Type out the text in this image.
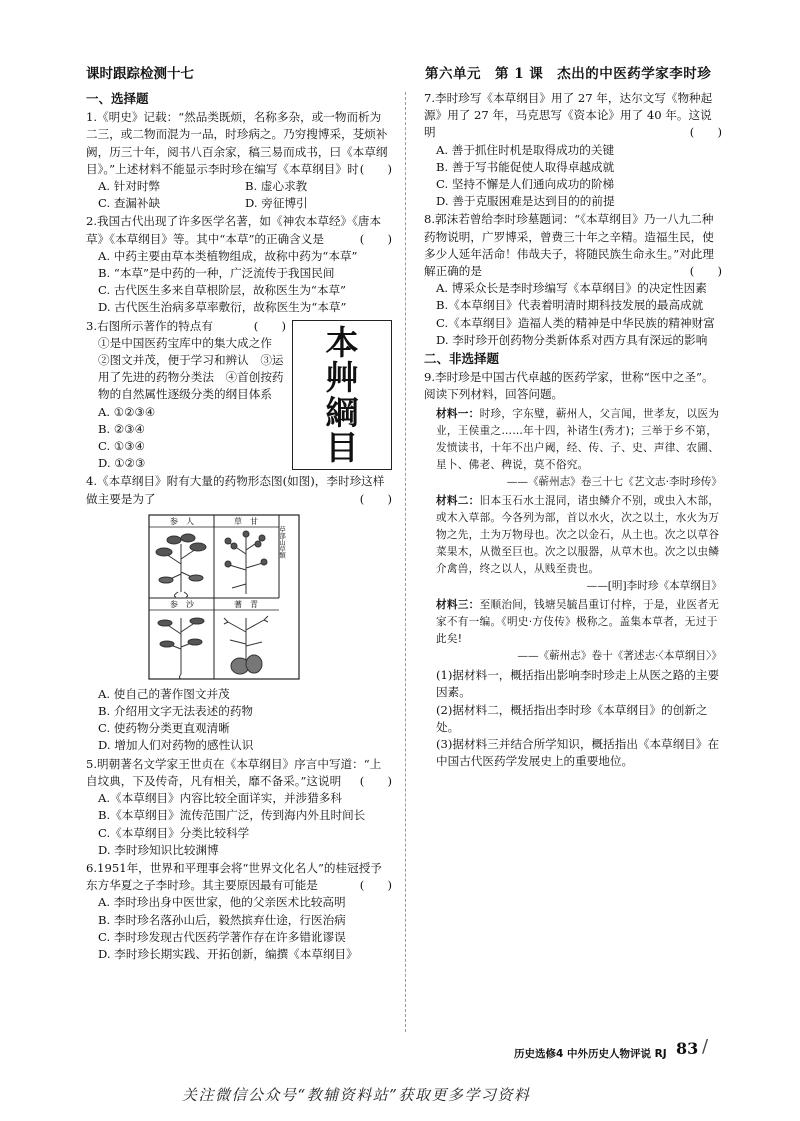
课时跟踪检测十七	第六单元　第 1 课　杰出的中医药学家李时珍
一、选择题

1.《明史》记载：“然品类既烦，名称多杂，或一物而析为二三，或二物而混为一品，时珍病之。乃穷搜博采，芟烦补阙，历三十年，阅书八百余家，稿三易而成书，曰《本草纲目》。”上述材料不能显示李时珍在编写《本草纲目》时 (　　)

A. 针对时弊	B. 虚心求教
C. 查漏补缺	D. 旁征博引

2.我国古代出现了许多医学名著，如《神农本草经》《唐本草》《本草纲目》等。其中“本草”的正确含义是	(　　)

A. 中药主要由草本类植物组成，故称中药为“本草”

B. “本草”是中药的一种，广泛流传于我国民间

C. 古代医生多来自草根阶层，故称医生为“本草”

D. 古代医生治病多草率敷衍，故称医生为“本草”

3.右图所示著作的特点有	(　　)

①是中国医药宝库中的集大成之作　②图文并茂，便于学习和辨认　③运用了先进的药物分类法　④首创按药物的自然属性逐级分类的纲目体系

A. ①②③④

B. ②③④

C. ①③④

D. ①②③

本
艸
綱
目

4.《本草纲目》附有大量的药物形态图(如图)，李时珍这样做主要是为了	(　　)

参　人	草　甘
参　沙	蓍　青
草部山草類

A. 使自己的著作图文并茂

B. 介绍用文字无法表述的药物

C. 使药物分类更直观清晰

D. 增加人们对药物的感性认识

5.明朝著名文学家王世贞在《本草纲目》序言中写道：“上自坟典，下及传奇，凡有相关，靡不备采。”这说明 (　　)

A.《本草纲目》内容比较全面详实，并涉猎多科

B.《本草纲目》流传范围广泛，传到海内外且时间长

C.《本草纲目》分类比较科学

D. 李时珍知识比较渊博

6.1951年，世界和平理事会将“世界文化名人”的桂冠授予东方华夏之子李时珍。其主要原因最有可能是	(　　)

A. 李时珍出身中医世家，他的父亲医术比较高明

B. 李时珍名落孙山后，毅然摈弃仕途，行医治病

C. 李时珍发现古代医药学著作存在许多错讹谬误

D. 李时珍长期实践、开拓创新，编撰《本草纲目》

7.李时珍写《本草纲目》用了 27 年，达尔文写《物种起源》用了 27 年，马克思写《资本论》用了 40 年。这说明	(　　)

A. 善于抓住时机是取得成功的关键

B. 善于写书能促使人取得卓越成就

C. 坚持不懈是人们通向成功的阶梯

D. 善于克服困难是达到目的的前提

8.郭沫若曾给李时珍墓题词：“《本草纲目》乃一八九二种药物说明，广罗博采，曾费三十年之辛精。造福生民，使多少人延年活命！伟哉夫子，将随民族生命永生。”对此理解正确的是	(　　)

A. 博采众长是李时珍编写《本草纲目》的决定性因素

B.《本草纲目》代表着明清时期科技发展的最高成就

C.《本草纲目》造福人类的精神是中华民族的精神财富

D. 李时珍开创药物分类新体系对西方具有深远的影响

二、非选择题

9.李时珍是中国古代卓越的医药学家，世称“医中之圣”。阅读下列材料，回答问题。

材料一：时珍，字东璧，蕲州人，父言闻，世孝友，以医为业，王侯重之……年十四，补诸生(秀才)；三举于乡不第，发愤读书，十年不出户阈，经、传、子、史、声律、农圃、星卜、佛老、稗说，莫不俗究。

——《蕲州志》卷三十七《艺文志·李时珍传》

材料二：旧本玉石水土混同，诸虫鳞介不别，或虫入木部，或木入草部。今各列为部，首以水火，次之以土，水火为万物之先，土为万物母也。次之以金石，从土也。次之以草谷菜果木，从微至巨也。次之以服器，从草木也。次之以虫鳞介禽兽，终之以人，从贱至贵也。

——[明]李时珍《本草纲目》

材料三：至顺治间，钱塘吴毓昌重订付梓，于是，业医者无家不有一编。《明史·方伎传》极称之。盖集本草者，无过于此矣!

——《蕲州志》卷十《著述志·〈本草纲目〉》

(1)据材料一，概括指出影响李时珍走上从医之路的主要因素。

(2)据材料二，概括指出李时珍《本草纲目》的创新之处。

(3)据材料三并结合所学知识，概括指出《本草纲目》在中国古代医药学发展史上的重要地位。

历史选修4 中外历史人物评说 RJ 83 /
关注微信公众号“教辅资料站”获取更多学习资料
